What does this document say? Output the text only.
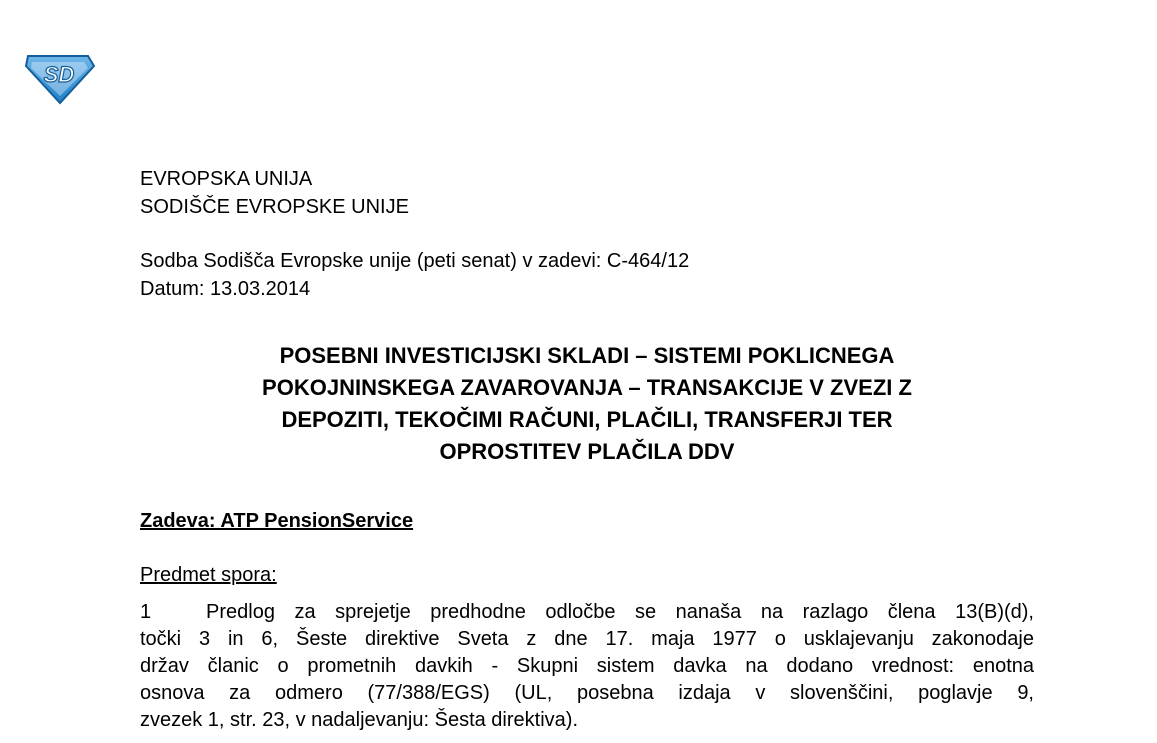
SD
EVROPSKA UNIJA
SODIŠČE EVROPSKE UNIJE
Sodba Sodišča Evropske unije (peti senat) v zadevi: C-464/12
Datum: 13.03.2014
POSEBNI INVESTICIJSKI SKLADI – SISTEMI POKLICNEGA
POKOJNINSKEGA ZAVAROVANJA – TRANSAKCIJE V ZVEZI Z
DEPOZITI, TEKOČIMI RAČUNI, PLAČILI, TRANSFERJI TER
OPROSTITEV PLAČILA DDV
Zadeva: ATP PensionService
Predmet spora:
1	Predlog za sprejetje predhodne odločbe se nanaša na razlago člena 13(B)(d),
točki 3 in 6, Šeste direktive Sveta z dne 17. maja 1977 o usklajevanju zakonodaje
držav članic o prometnih davkih - Skupni sistem davka na dodano vrednost: enotna
osnova za odmero (77/388/EGS) (UL, posebna izdaja v slovenščini, poglavje 9,
zvezek 1, str. 23, v nadaljevanju: Šesta direktiva).
